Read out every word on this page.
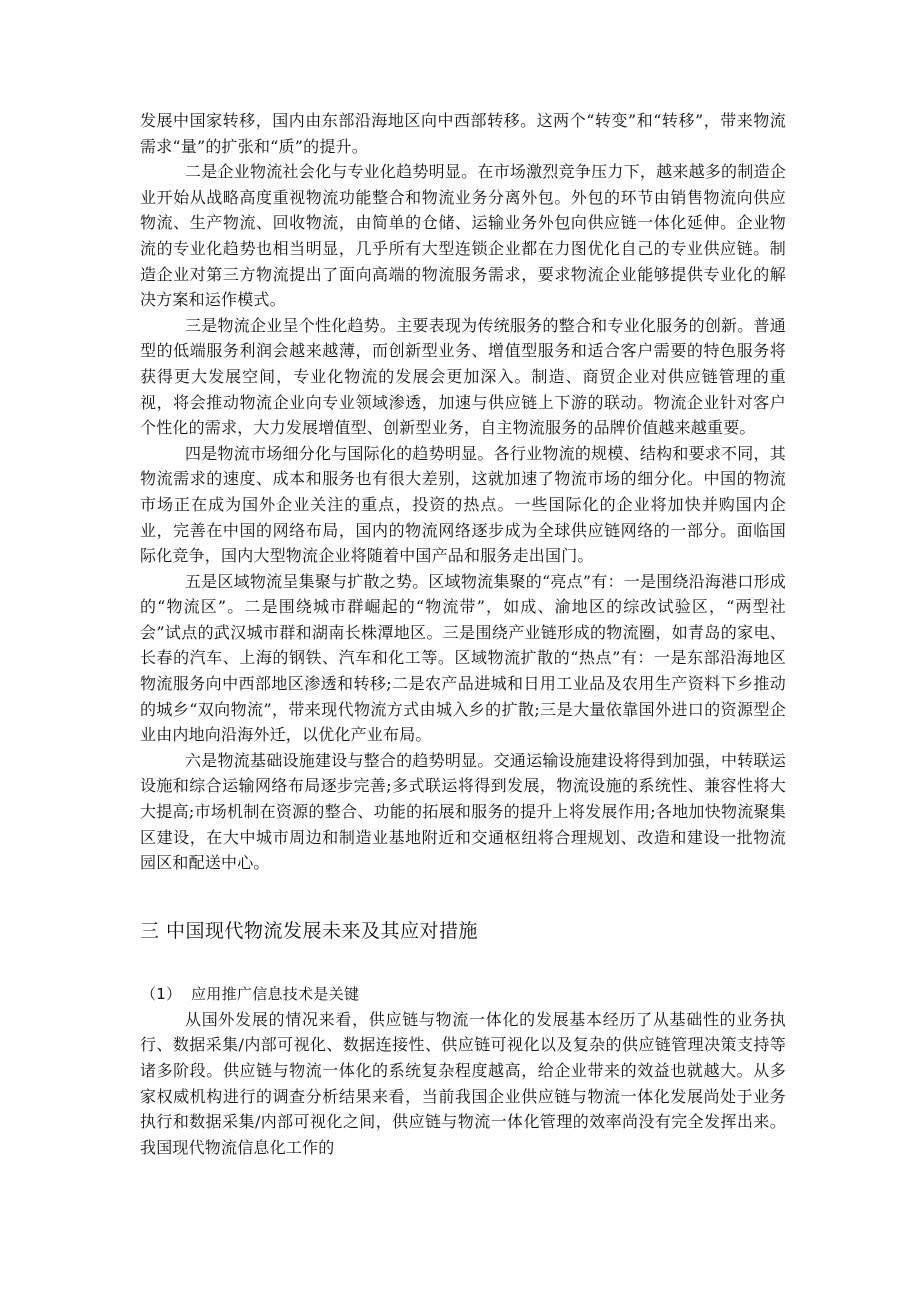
发展中国家转移，国内由东部沿海地区向中西部转移。这两个“转变”和“转移”，带来物流需求“量”的扩张和“质”的提升。

二是企业物流社会化与专业化趋势明显。在市场激烈竞争压力下，越来越多的制造企业开始从战略高度重视物流功能整合和物流业务分离外包。外包的环节由销售物流向供应物流、生产物流、回收物流，由简单的仓储、运输业务外包向供应链一体化延伸。企业物流的专业化趋势也相当明显，几乎所有大型连锁企业都在力图优化自己的专业供应链。制造企业对第三方物流提出了面向高端的物流服务需求，要求物流企业能够提供专业化的解决方案和运作模式。

三是物流企业呈个性化趋势。主要表现为传统服务的整合和专业化服务的创新。普通型的低端服务利润会越来越薄，而创新型业务、增值型服务和适合客户需要的特色服务将获得更大发展空间，专业化物流的发展会更加深入。制造、商贸企业对供应链管理的重视，将会推动物流企业向专业领域渗透，加速与供应链上下游的联动。物流企业针对客户个性化的需求，大力发展增值型、创新型业务，自主物流服务的品牌价值越来越重要。

四是物流市场细分化与国际化的趋势明显。各行业物流的规模、结构和要求不同，其物流需求的速度、成本和服务也有很大差别，这就加速了物流市场的细分化。中国的物流市场正在成为国外企业关注的重点，投资的热点。一些国际化的企业将加快并购国内企业，完善在中国的网络布局，国内的物流网络逐步成为全球供应链网络的一部分。面临国际化竞争，国内大型物流企业将随着中国产品和服务走出国门。

五是区域物流呈集聚与扩散之势。区域物流集聚的“亮点”有：一是围绕沿海港口形成的“物流区”。二是围绕城市群崛起的“物流带”，如成、渝地区的综改试验区，“两型社会”试点的武汉城市群和湖南长株潭地区。三是围绕产业链形成的物流圈，如青岛的家电、长春的汽车、上海的钢铁、汽车和化工等。区域物流扩散的“热点”有：一是东部沿海地区物流服务向中西部地区渗透和转移;二是农产品进城和日用工业品及农用生产资料下乡推动的城乡“双向物流”，带来现代物流方式由城入乡的扩散;三是大量依靠国外进口的资源型企业由内地向沿海外迁，以优化产业布局。

六是物流基础设施建设与整合的趋势明显。交通运输设施建设将得到加强，中转联运设施和综合运输网络布局逐步完善;多式联运将得到发展，物流设施的系统性、兼容性将大大提高;市场机制在资源的整合、功能的拓展和服务的提升上将发展作用;各地加快物流聚集区建设，在大中城市周边和制造业基地附近和交通枢纽将合理规划、改造和建设一批物流园区和配送中心。

三 中国现代物流发展未来及其应对措施
（1） 应用推广信息技术是关键

从国外发展的情况来看，供应链与物流一体化的发展基本经历了从基础性的业务执行、数据采集/内部可视化、数据连接性、供应链可视化以及复杂的供应链管理决策支持等诸多阶段。供应链与物流一体化的系统复杂程度越高，给企业带来的效益也就越大。从多家权威机构进行的调查分析结果来看，当前我国企业供应链与物流一体化发展尚处于业务执行和数据采集/内部可视化之间，供应链与物流一体化管理的效率尚没有完全发挥出来。 我国现代物流信息化工作的
